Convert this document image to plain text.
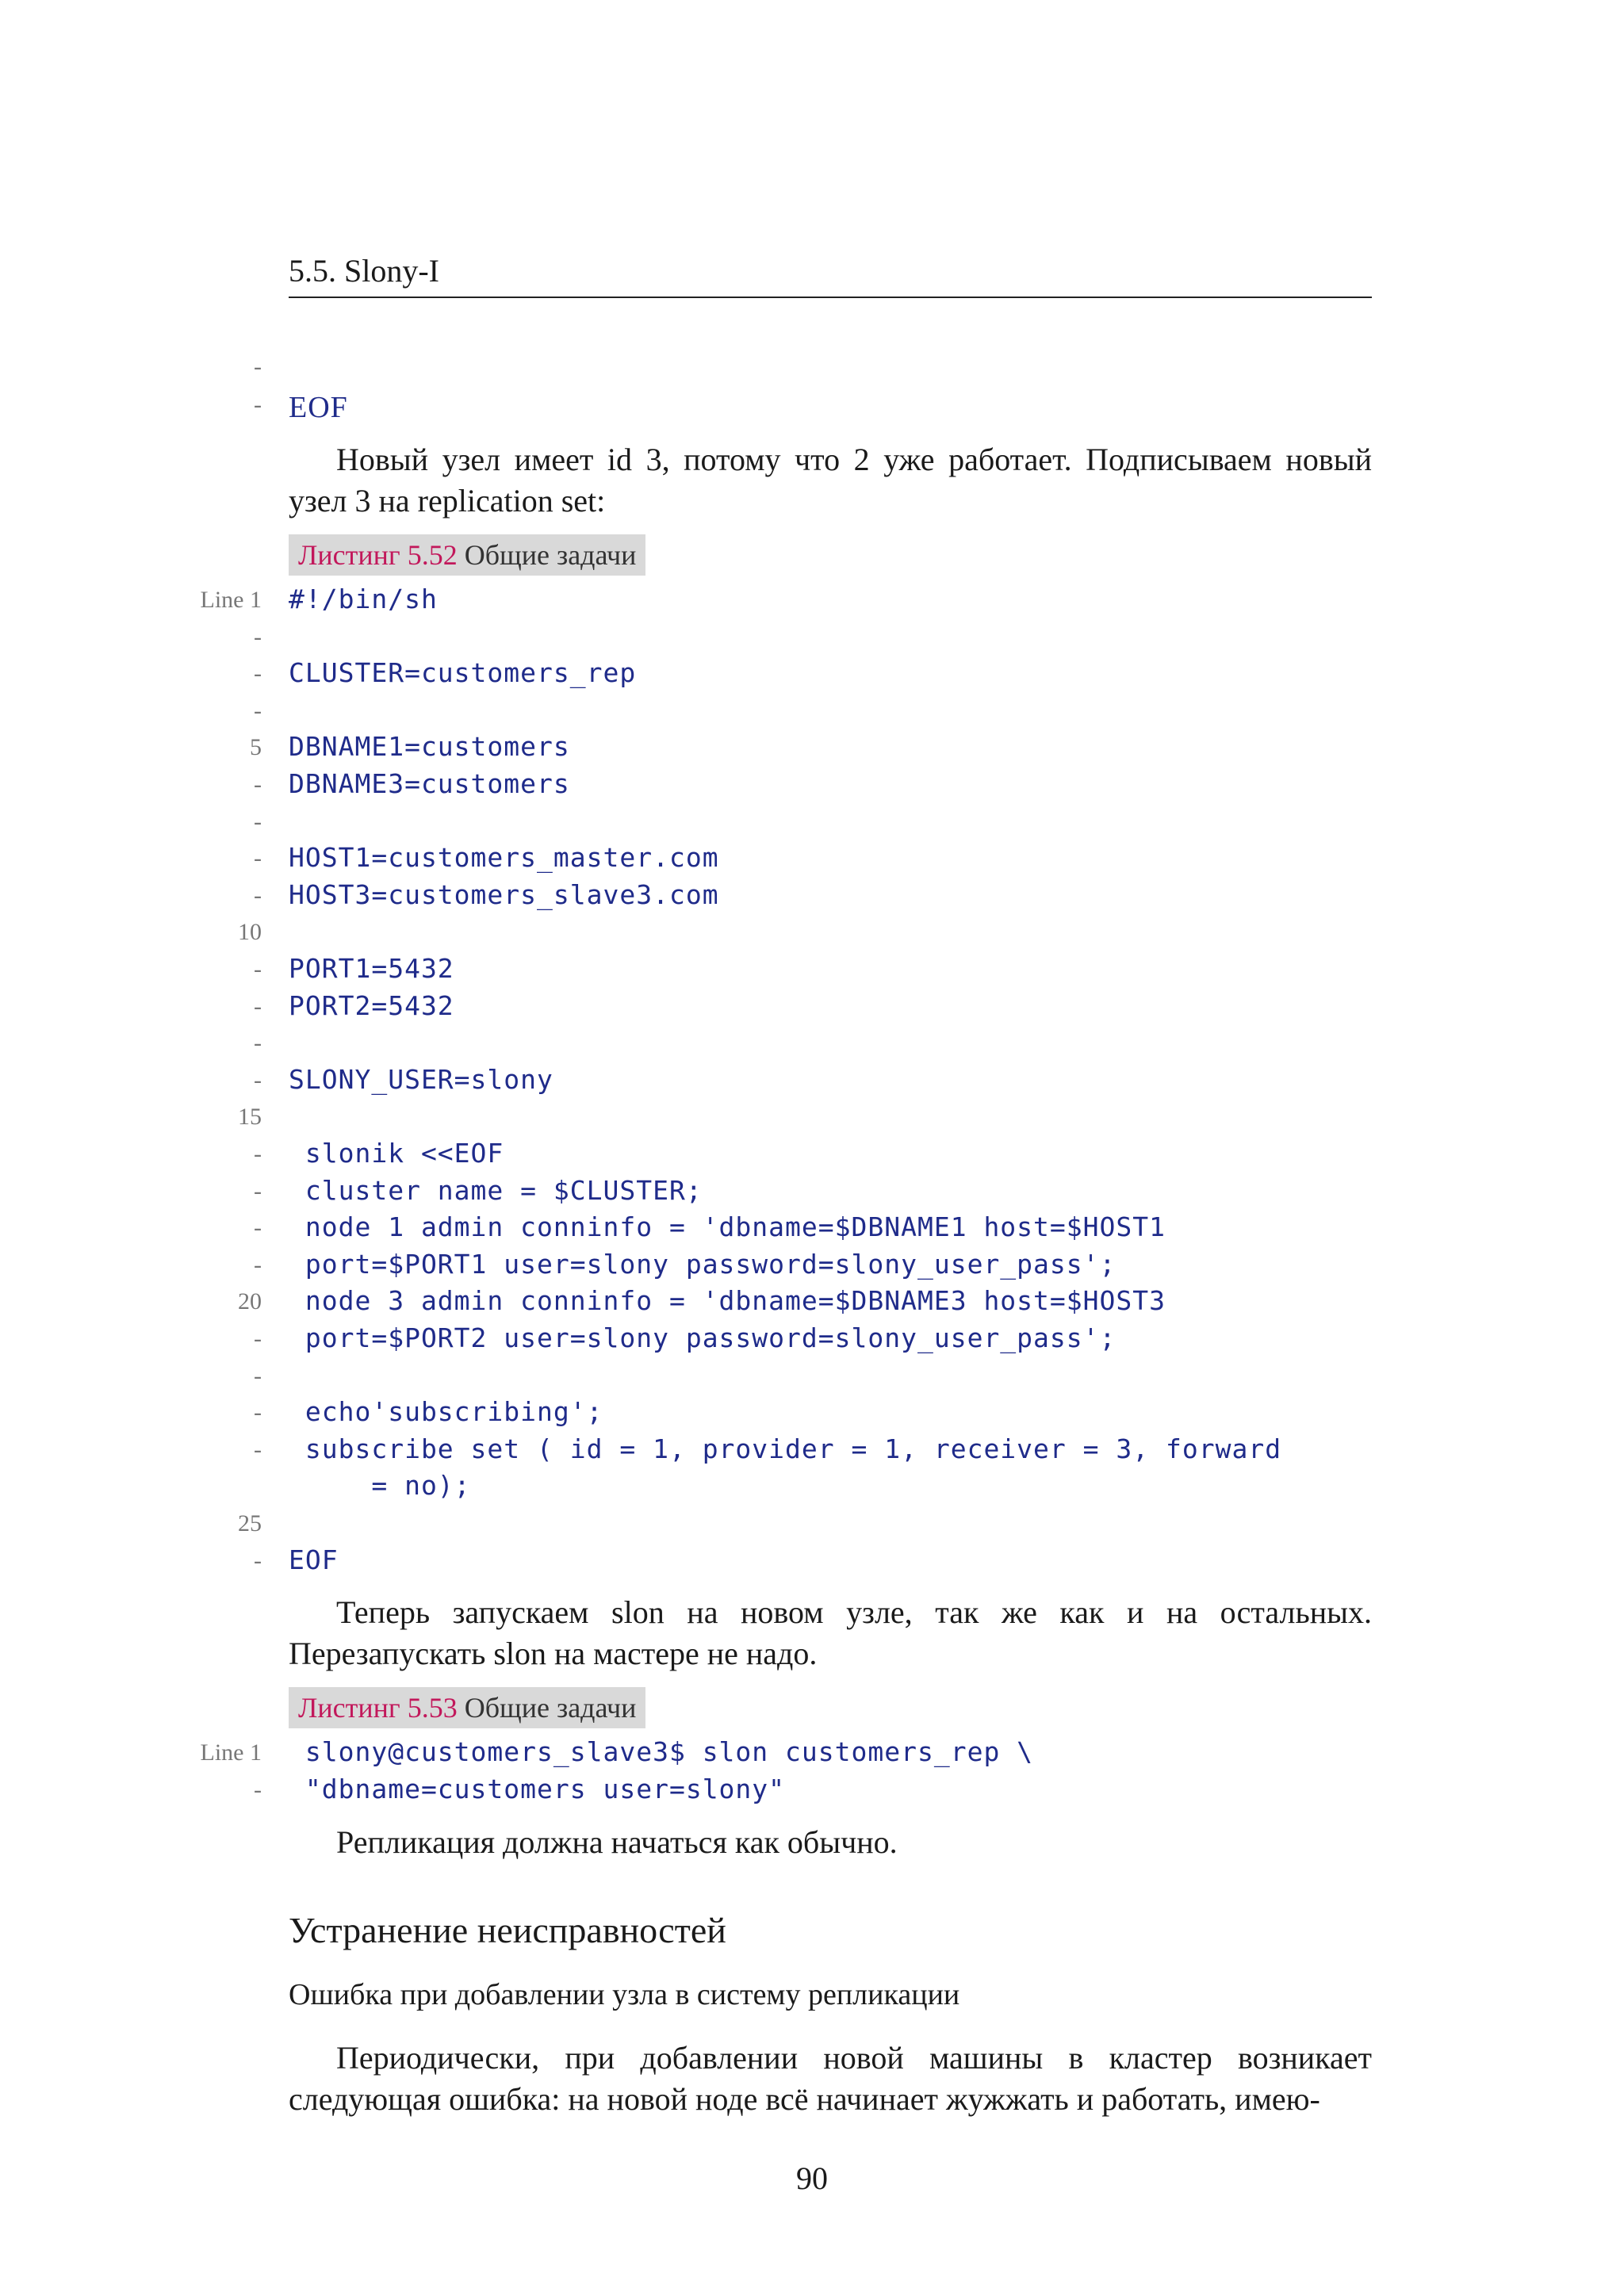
5.5. Slony-I
-
- EOF
Новый узел имеет id 3, потому что 2 уже работает. Подписываем новый узел 3 на replication set:
Листинг 5.52 Общие задачи
Line 1 #!/bin/sh
-
- CLUSTER=customers_rep
-
5 DBNAME1=customers
- DBNAME3=customers
-
- HOST1=customers_master.com
- HOST3=customers_slave3.com
10
- PORT1=5432
- PORT2=5432
-
- SLONY_USER=slony
15
- slonik <<EOF
- cluster name = $CLUSTER;
- node 1 admin conninfo = 'dbname=$DBNAME1 host=$HOST1
- port=$PORT1 user=slony password=slony_user_pass';
20 node 3 admin conninfo = 'dbname=$DBNAME3 host=$HOST3
- port=$PORT2 user=slony password=slony_user_pass';
-
- echo'subscribing';
- subscribe set ( id = 1, provider = 1, receiver = 3, forward
= no);
25
- EOF
Теперь запускаем slon на новом узле, так же как и на остальных. Перезапускать slon на мастере не надо.
Листинг 5.53 Общие задачи
Line 1 slony@customers_slave3$ slon customers_rep \
- "dbname=customers user=slony"
Репликация должна начаться как обычно.
Устранение неисправностей
Ошибка при добавлении узла в систему репликации
Периодически, при добавлении новой машины в кластер возникает следующая ошибка: на новой ноде всё начинает жужжать и работать, имею-
90
